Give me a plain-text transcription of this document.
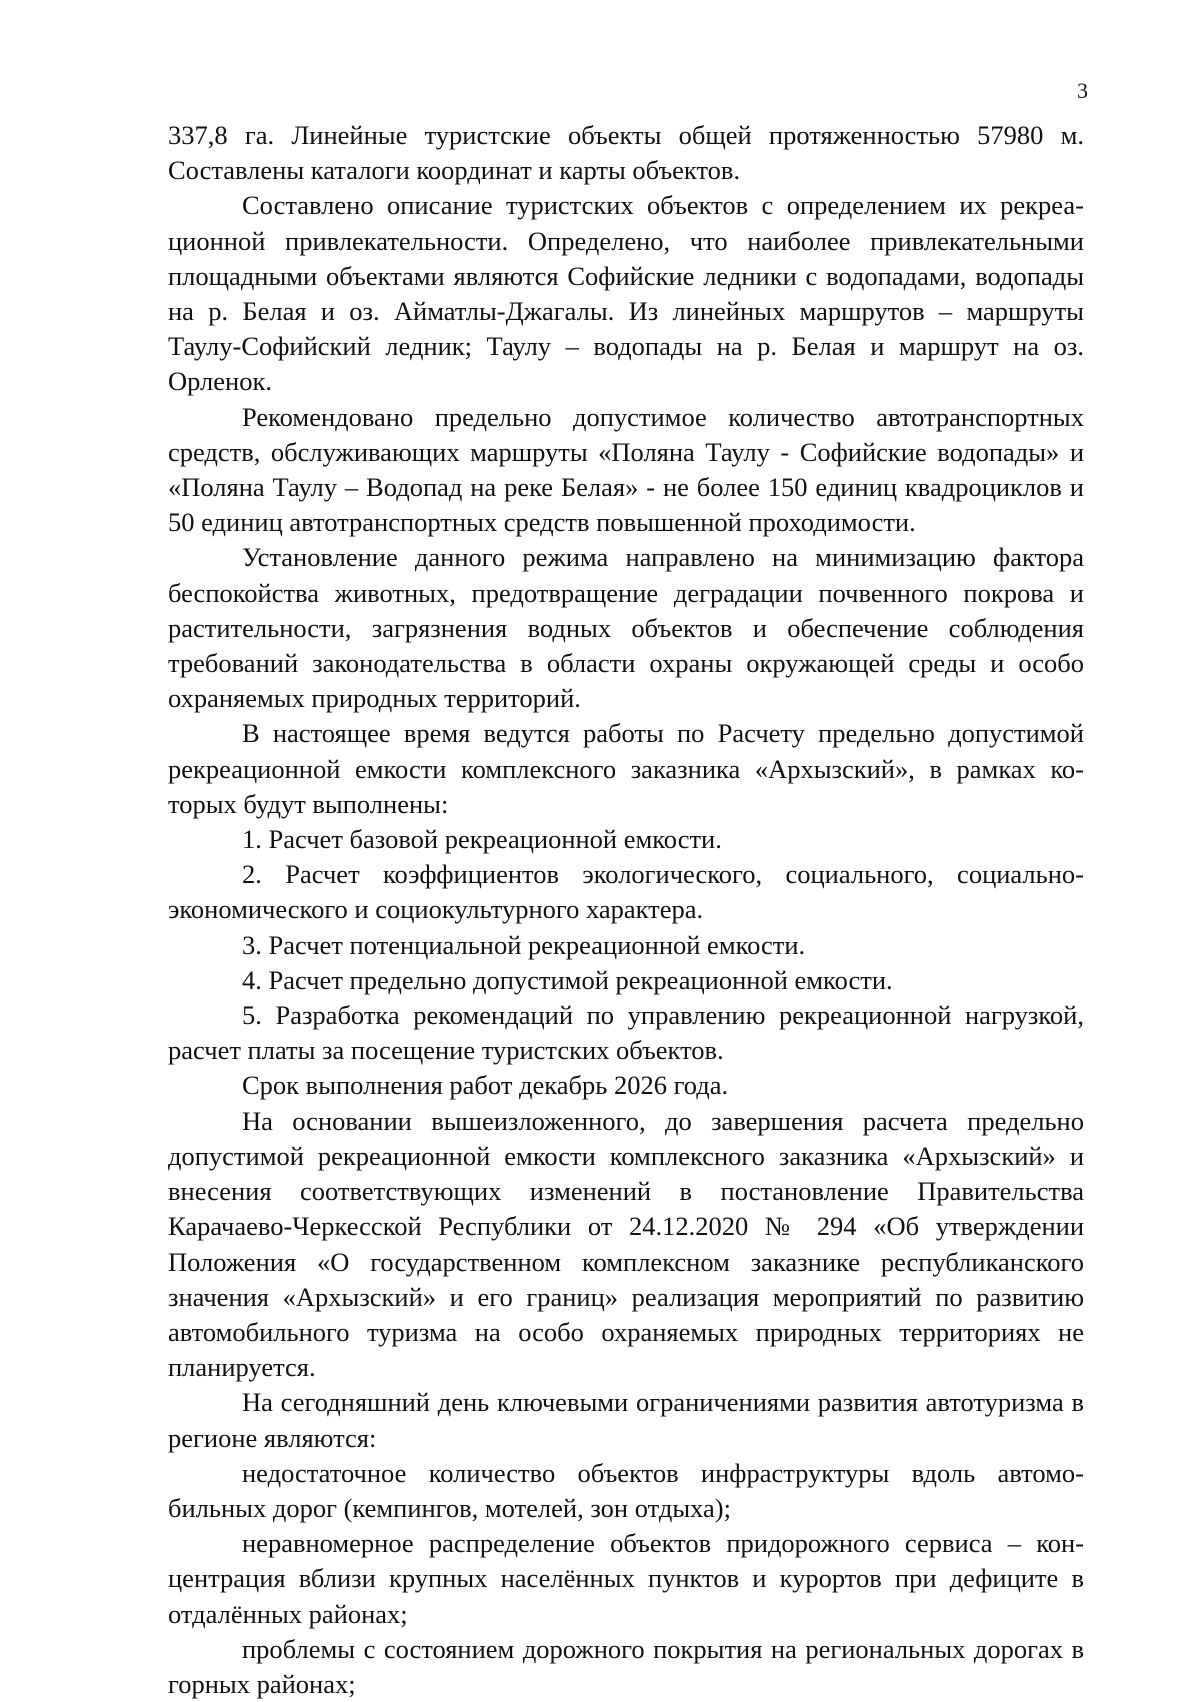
3

337,8 га. Линейные туристские объекты общей протяженностью 57980 м. Составлены каталоги координат и карты объектов.

Составлено описание туристских объектов с определением их рекреационной привлекательности. Определено, что наиболее привлекательными площадными объектами являются Софийские ледники с водопадами, водопады на р. Белая и оз. Айматлы-Джагалы. Из линейных маршрутов – маршруты Таулу-Софийский ледник; Таулу – водопады на р. Белая и маршрут на оз. Орленок.

Рекомендовано предельно допустимое количество автотранспортных средств, обслуживающих маршруты «Поляна Таулу - Софийские водопады» и «Поляна Таулу – Водопад на реке Белая» - не более 150 единиц квадроциклов и 50 единиц автотранспортных средств повышенной проходимости.

Установление данного режима направлено на минимизацию фактора беспокойства животных, предотвращение деградации почвенного покрова и растительности, загрязнения водных объектов и обеспечение соблюдения требований законодательства в области охраны окружающей среды и особо охраняемых природных территорий.

В настоящее время ведутся работы по Расчету предельно допустимой рекреационной емкости комплексного заказника «Архызский», в рамках которых будут выполнены:

1. Расчет базовой рекреационной емкости.

2. Расчет коэффициентов экологического, социального, социально-экономического и социокультурного характера.

3. Расчет потенциальной рекреационной емкости.

4. Расчет предельно допустимой рекреационной емкости.

5. Разработка рекомендаций по управлению рекреационной нагрузкой, расчет платы за посещение туристских объектов.

Срок выполнения работ декабрь 2026 года.

На основании вышеизложенного, до завершения расчета предельно допустимой рекреационной емкости комплексного заказника «Архызский» и внесения соответствующих изменений в постановление Правительства Карачаево-Черкесской Республики от 24.12.2020 № 294 «Об утверждении Положения «О государственном комплексном заказнике республиканского значения «Архызский» и его границ» реализация мероприятий по развитию автомобильного туризма на особо охраняемых природных территориях не планируется.

На сегодняшний день ключевыми ограничениями развития автотуризма в регионе являются:

недостаточное количество объектов инфраструктуры вдоль автомобильных дорог (кемпингов, мотелей, зон отдыха);

неравномерное распределение объектов придорожного сервиса – концентрация вблизи крупных населённых пунктов и курортов при дефиците в отдалённых районах;

проблемы с состоянием дорожного покрытия на региональных дорогах в горных районах;
